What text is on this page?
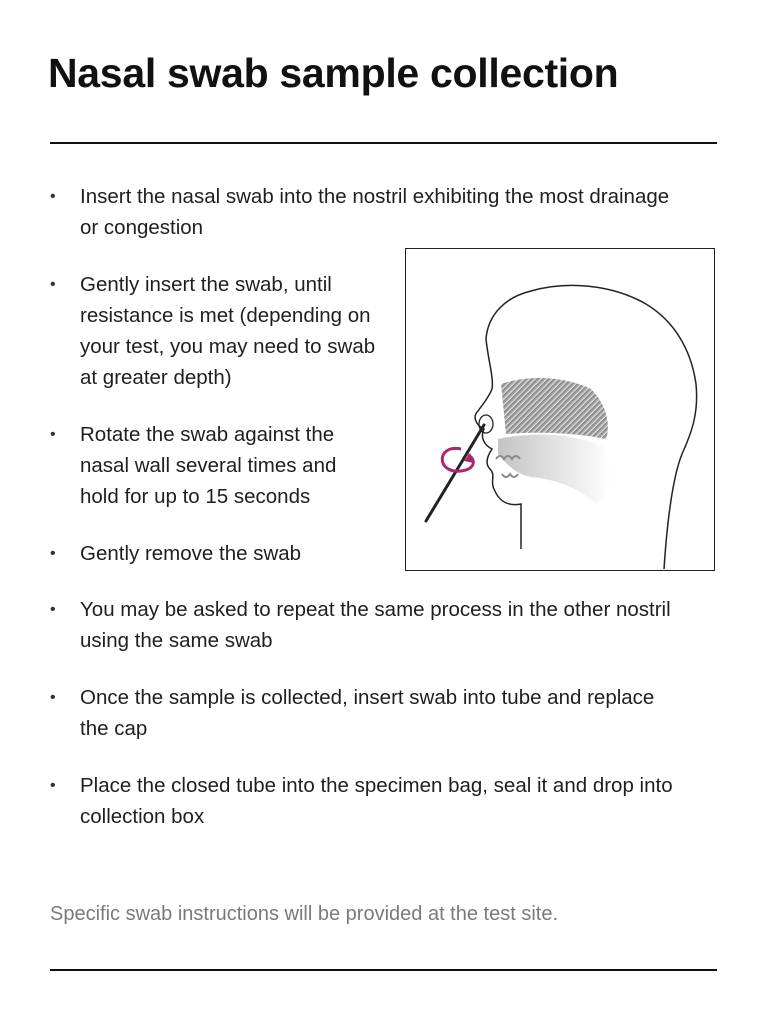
Nasal swab sample collection
• Insert the nasal swab into the nostril exhibiting the most drainage or congestion
• Gently insert the swab, until resistance is met (depending on your test, you may need to swab at greater depth)
• Rotate the swab against the nasal wall several times and hold for up to 15 seconds
• Gently remove the swab
• You may be asked to repeat the same process in the other nostril using the same swab
• Once the sample is collected, insert swab into tube and replace the cap
• Place the closed tube into the specimen bag, seal it and drop into collection box

Specific swab instructions will be provided at the test site.
